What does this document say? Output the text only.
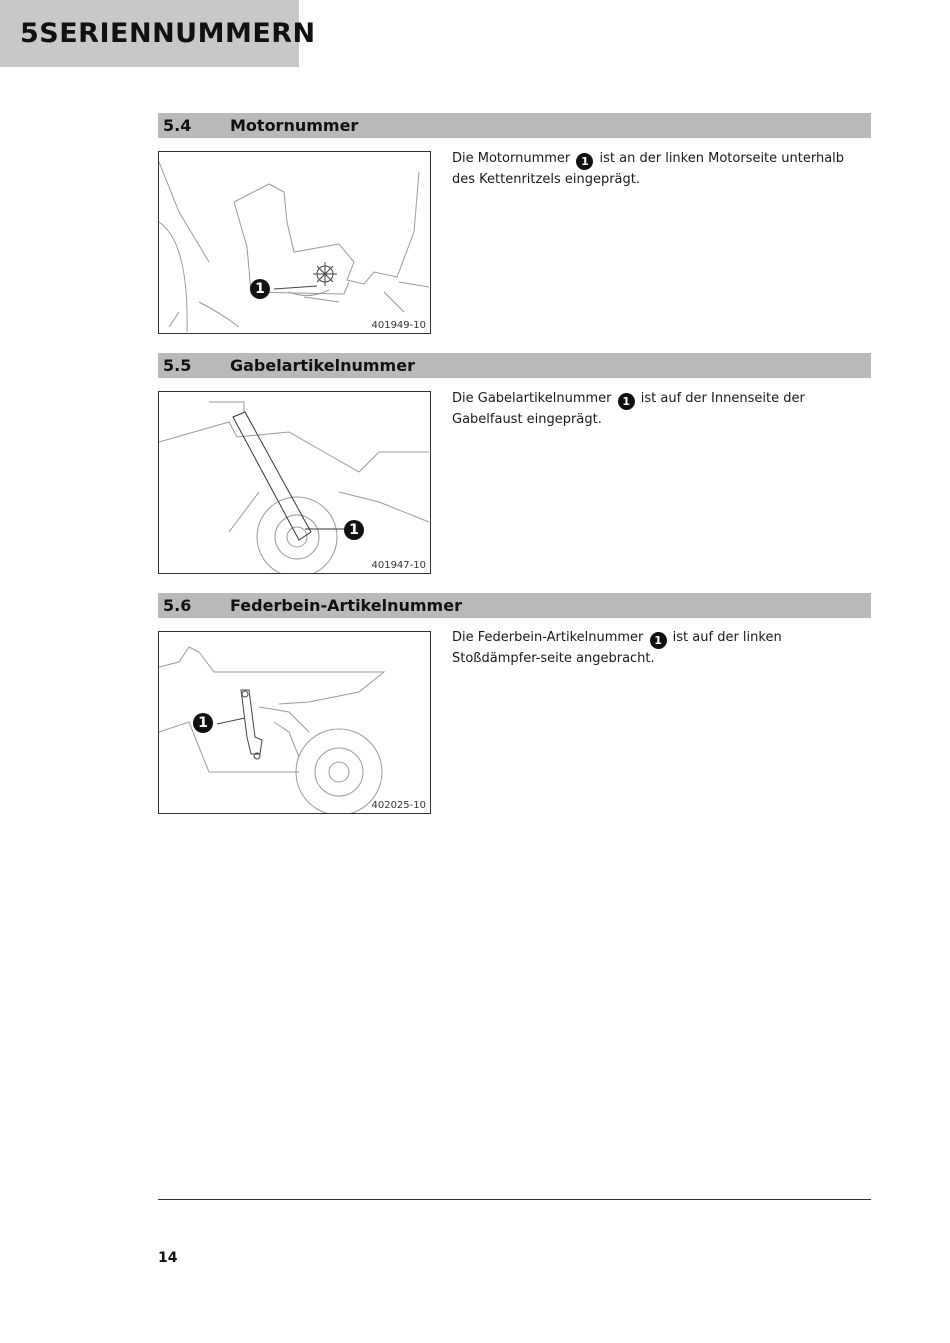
5 SERIENNUMMERN
5.4	Motornummer
1
401949-10
Die Motornummer 1 ist an der linken Motorseite unterhalb des Kettenritzels eingeprägt.
5.5	Gabelartikelnummer
1
401947-10
Die Gabelartikelnummer 1 ist auf der Innenseite der Gabelfaust eingeprägt.
5.6	Federbein-Artikelnummer
1
402025-10
Die Federbein-Artikelnummer 1 ist auf der linken Stoßdämpfer-seite angebracht.
14
